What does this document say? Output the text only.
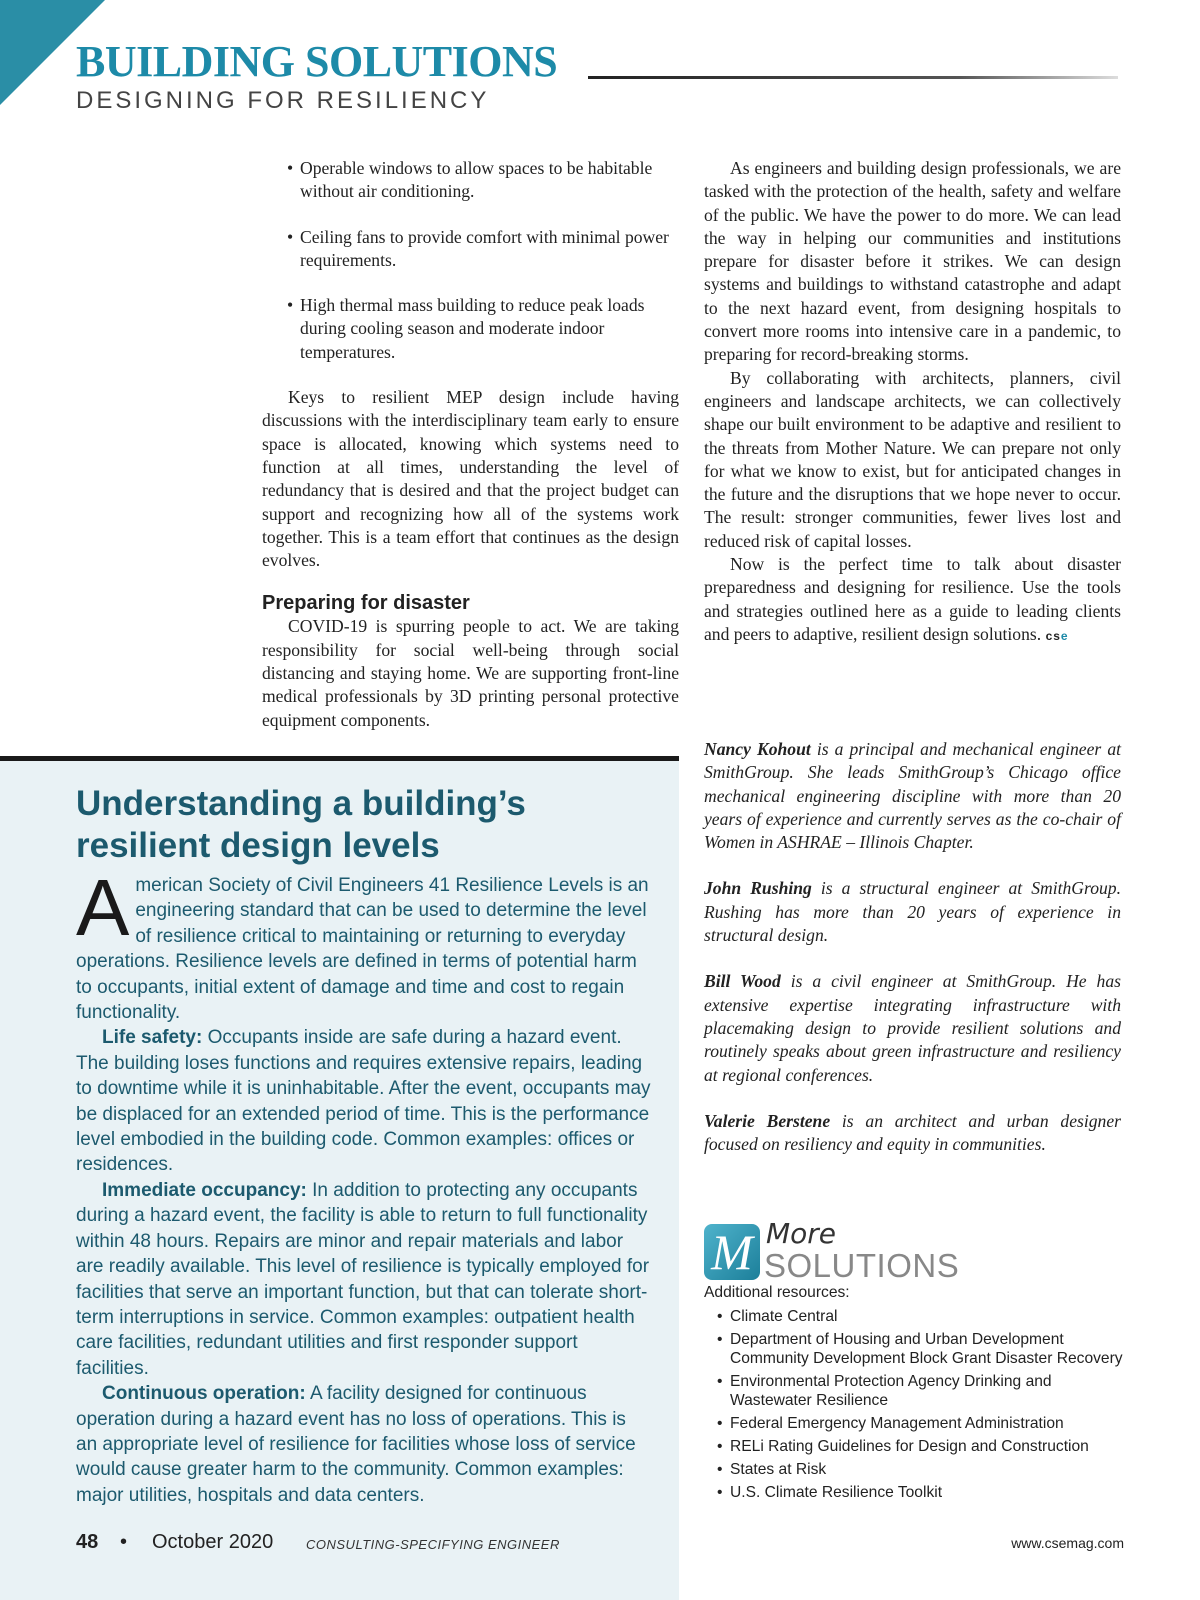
BUILDING SOLUTIONS
DESIGNING FOR RESILIENCY
• Operable windows to allow spaces to be habitable without air conditioning.
• Ceiling fans to provide comfort with minimal power requirements.
• High thermal mass building to reduce peak loads during cooling season and moderate indoor temperatures.

Keys to resilient MEP design include having discussions with the interdisciplinary team early to ensure space is allocated, knowing which systems need to function at all times, understanding the level of redundancy that is desired and that the project budget can support and recognizing how all of the systems work together. This is a team effort that continues as the design evolves.

Preparing for disaster

COVID-19 is spurring people to act. We are taking responsibility for social well-being through social distancing and staying home. We are supporting front-line medical professionals by 3D printing personal protective equipment components.

As engineers and building design professionals, we are tasked with the protection of the health, safety and welfare of the public. We have the power to do more. We can lead the way in helping our communities and institutions prepare for disaster before it strikes. We can design systems and buildings to withstand catastrophe and adapt to the next hazard event, from designing hospitals to convert more rooms into intensive care in a pandemic, to preparing for record-breaking storms.

By collaborating with architects, planners, civil engineers and landscape architects, we can collectively shape our built environment to be adaptive and resilient to the threats from Mother Nature. We can prepare not only for what we know to exist, but for anticipated changes in the future and the disruptions that we hope never to occur. The result: stronger communities, fewer lives lost and reduced risk of capital losses.

Now is the perfect time to talk about disaster preparedness and designing for resilience. Use the tools and strategies outlined here as a guide to leading clients and peers to adaptive, resilient design solutions. cse

Nancy Kohout is a principal and mechanical engineer at SmithGroup. She leads SmithGroup’s Chicago office mechanical engineering discipline with more than 20 years of experience and currently serves as the co-chair of Women in ASHRAE – Illinois Chapter.
John Rushing is a structural engineer at SmithGroup. Rushing has more than 20 years of experience in structural design.
Bill Wood is a civil engineer at SmithGroup. He has extensive expertise integrating infrastructure with placemaking design to provide resilient solutions and routinely speaks about green infrastructure and resiliency at regional conferences.
Valerie Berstene is an architect and urban designer focused on resiliency and equity in communities.
Understanding a building’s resilient design levels

American Society of Civil Engineers 41 Resilience Levels is an engineering standard that can be used to determine the level of resilience critical to maintaining or returning to everyday operations. Resilience levels are defined in terms of potential harm to occupants, initial extent of damage and time and cost to regain functionality.

Life safety: Occupants inside are safe during a hazard event. The building loses functions and requires extensive repairs, leading to downtime while it is uninhabitable. After the event, occupants may be displaced for an extended period of time. This is the performance level embodied in the building code. Common examples: offices or residences.

Immediate occupancy: In addition to protecting any occupants during a hazard event, the facility is able to return to full functionality within 48 hours. Repairs are minor and repair materials and labor are readily available. This level of resilience is typically employed for facilities that serve an important function, but that can tolerate short-term interruptions in service. Common examples: outpatient health care facilities, redundant utilities and first responder support facilities.

Continuous operation: A facility designed for continuous operation during a hazard event has no loss of operations. This is an appropriate level of resilience for facilities whose loss of service would cause greater harm to the community. Common examples: major utilities, hospitals and data centers.

M More
SOLUTIONS
Additional resources:
• Climate Central
• Department of Housing and Urban Development Community Development Block Grant Disaster Recovery
• Environmental Protection Agency Drinking and Wastewater Resilience
• Federal Emergency Management Administration
• RELi Rating Guidelines for Design and Construction
• States at Risk
• U.S. Climate Resilience Toolkit
48 • October 2020	CONSULTING-SPECIFYING ENGINEER	www.csemag.com
